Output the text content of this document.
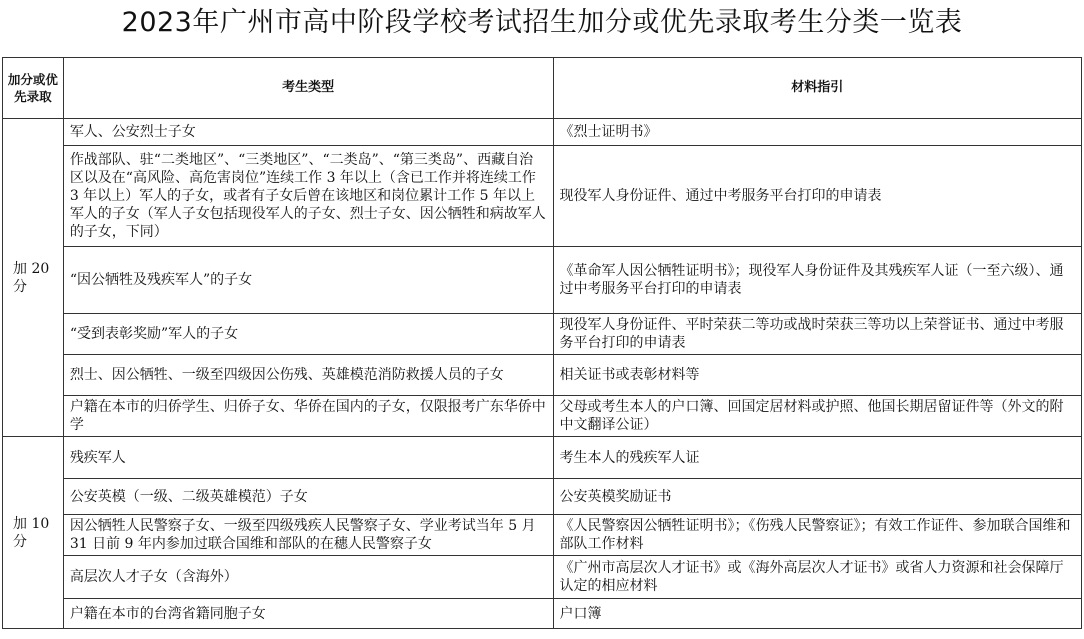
2023年广州市高中阶段学校考试招生加分或优先录取考生分类一览表
加分或优先录取	考生类型	材料指引
加 20 分	军人、公安烈士子女	《烈士证明书》
	作战部队、驻“二类地区”、“三类地区”、“二类岛”、“第三类岛”、西藏自治区以及在“高风险、高危害岗位”连续工作 3 年以上（含已工作并将连续工作 3 年以上）军人的子女，或者有子女后曾在该地区和岗位累计工作 5 年以上军人的子女（军人子女包括现役军人的子女、烈士子女、因公牺牲和病故军人的子女，下同）	现役军人身份证件、通过中考服务平台打印的申请表
	“因公牺牲及残疾军人”的子女	《革命军人因公牺牲证明书》；现役军人身份证件及其残疾军人证（一至六级）、通过中考服务平台打印的申请表
	“受到表彰奖励”军人的子女	现役军人身份证件、平时荣获二等功或战时荣获三等功以上荣誉证书、通过中考服务平台打印的申请表
	烈士、因公牺牲、一级至四级因公伤残、英雄模范消防救援人员的子女	相关证书或表彰材料等
	户籍在本市的归侨学生、归侨子女、华侨在国内的子女，仅限报考广东华侨中学	父母或考生本人的户口簿、回国定居材料或护照、他国长期居留证件等（外文的附中文翻译公证）
加 10 分	残疾军人	考生本人的残疾军人证
	公安英模（一级、二级英雄模范）子女	公安英模奖励证书
	因公牺牲人民警察子女、一级至四级残疾人民警察子女、学业考试当年 5 月 31 日前 9 年内参加过联合国维和部队的在穗人民警察子女	《人民警察因公牺牲证明书》；《伤残人民警察证》；有效工作证件、参加联合国维和部队工作材料
	高层次人才子女（含海外）	《广州市高层次人才证书》或《海外高层次人才证书》或省人力资源和社会保障厅认定的相应材料
	户籍在本市的台湾省籍同胞子女	户口簿
